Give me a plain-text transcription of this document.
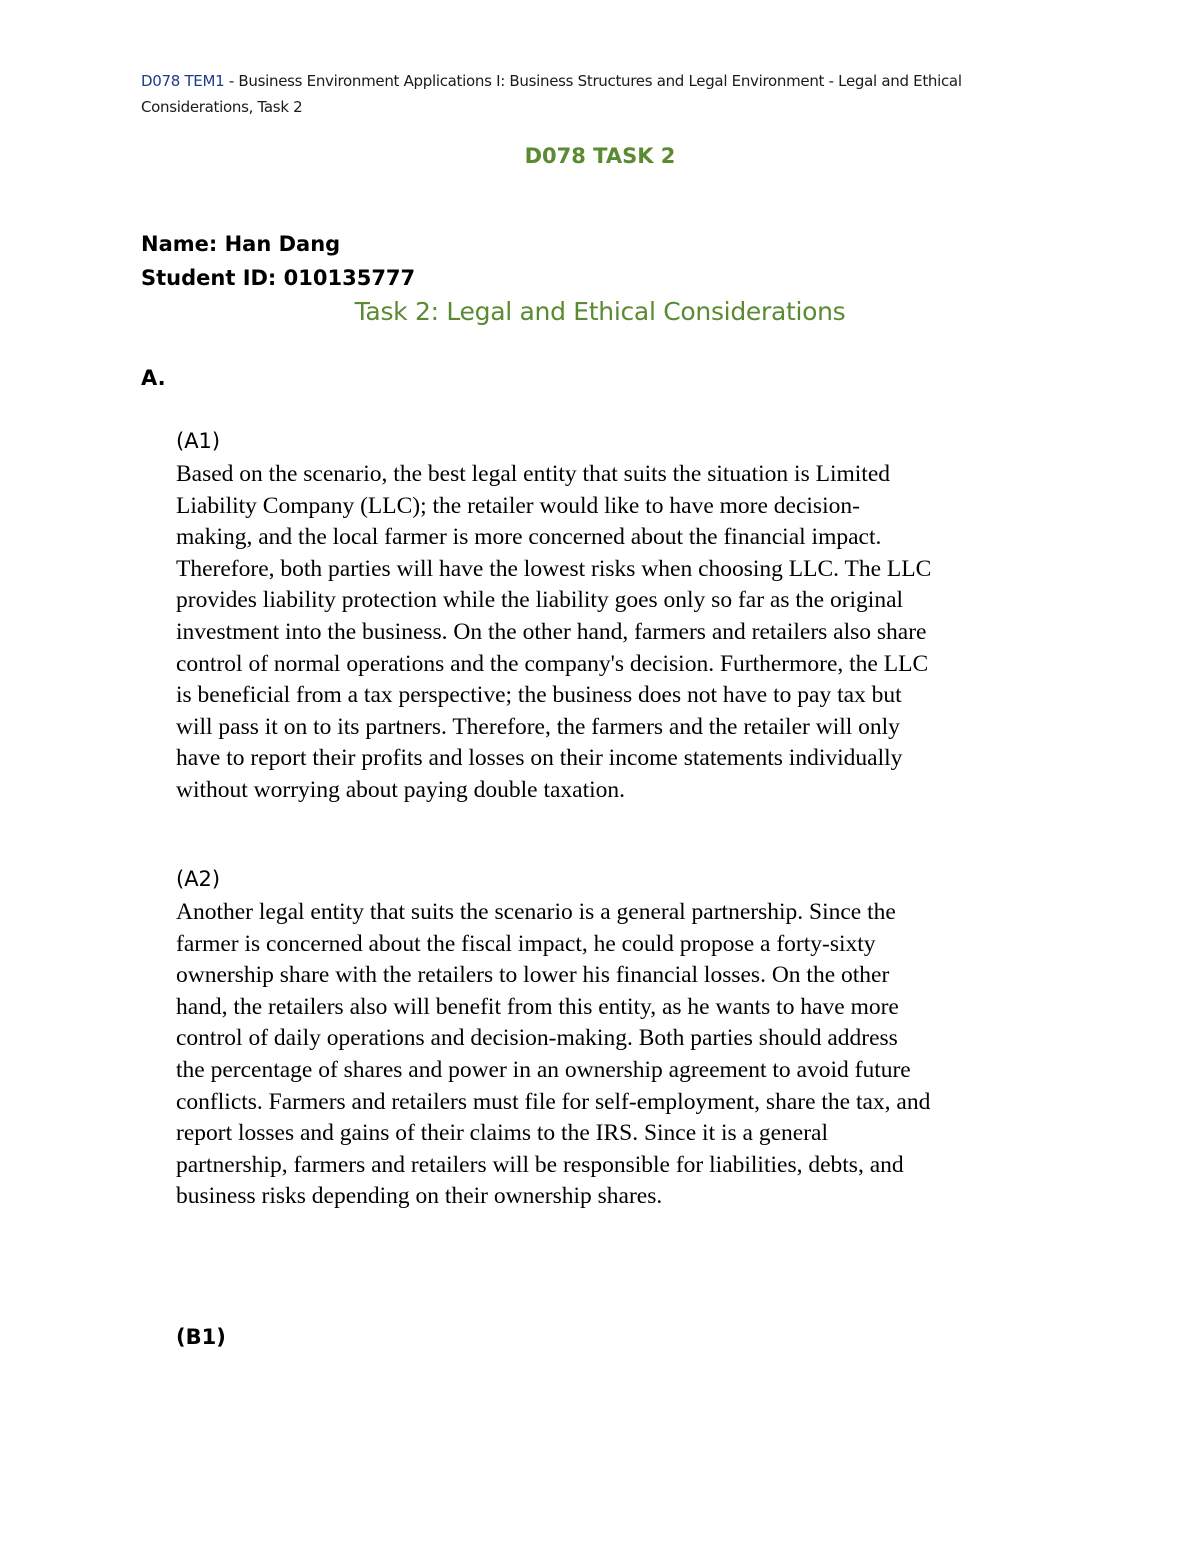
D078 TEM1 - Business Environment Applications I: Business Structures and Legal Environment - Legal and Ethical
Considerations, Task 2
D078 TASK 2
Name: Han Dang
Student ID: 010135777
Task 2: Legal and Ethical Considerations
A.
(A1)
Based on the scenario, the best legal entity that suits the situation is Limited
Liability Company (LLC); the retailer would like to have more decision-
making, and the local farmer is more concerned about the financial impact.
Therefore, both parties will have the lowest risks when choosing LLC. The LLC
provides liability protection while the liability goes only so far as the original
investment into the business. On the other hand, farmers and retailers also share
control of normal operations and the company's decision. Furthermore, the LLC
is beneficial from a tax perspective; the business does not have to pay tax but
will pass it on to its partners. Therefore, the farmers and the retailer will only
have to report their profits and losses on their income statements individually
without worrying about paying double taxation.
(A2)
Another legal entity that suits the scenario is a general partnership. Since the
farmer is concerned about the fiscal impact, he could propose a forty-sixty
ownership share with the retailers to lower his financial losses. On the other
hand, the retailers also will benefit from this entity, as he wants to have more
control of daily operations and decision-making. Both parties should address
the percentage of shares and power in an ownership agreement to avoid future
conflicts. Farmers and retailers must file for self-employment, share the tax, and
report losses and gains of their claims to the IRS. Since it is a general
partnership, farmers and retailers will be responsible for liabilities, debts, and
business risks depending on their ownership shares.
(B1)
